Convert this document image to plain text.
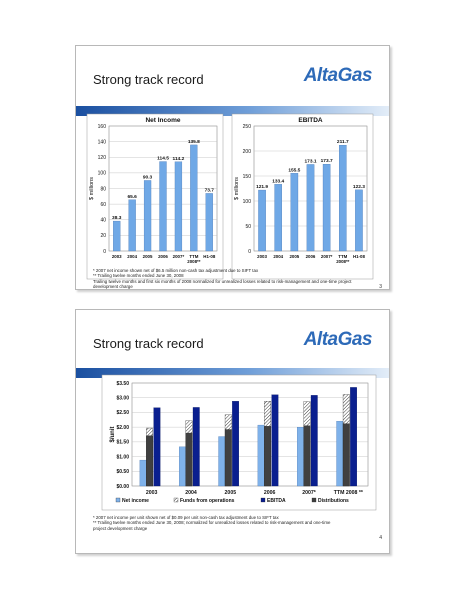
Strong track record	AltaGas
Net Income
0
20
40
60
80
100
120
140
160
$ millions
38.3
2003
65.6
2004
90.3
2005
114.5
2006
114.2
2007*
135.8
TTM
2008**
73.7
H1-08
EBITDA
0
50
100
150
200
250
$ millions	121.9
2003
133.4
2004
155.5
2005
173.1
2006
173.7
2007*
211.7
TTM
2008**
122.3
H1-08
* 2007 net income shown net of $6.5 million non-cash tax adjustment due to SIFT tax
** Trailing twelve months ended June 30, 2008
Trailing twelve months and first six months of 2008 normalized for unrealized losses related to risk-management and one-time project development charge	3
Strong track record	AltaGas
$0.00
$0.50
$1.00
$1.50
$2.00
$2.50
$3.00
$3.50
$/unit
2003	2004	2005	2006	2007*	TTM 2008 **
Net income	Funds from operations	EBITDA	Distributions
* 2007 net income per unit shown net of $0.09 per unit non-cash tax adjustment due to SIFT tax
** Trailing twelve months ended June 30, 2008; normalized for unrealized losses related to risk-management and one-time project development charge
4
